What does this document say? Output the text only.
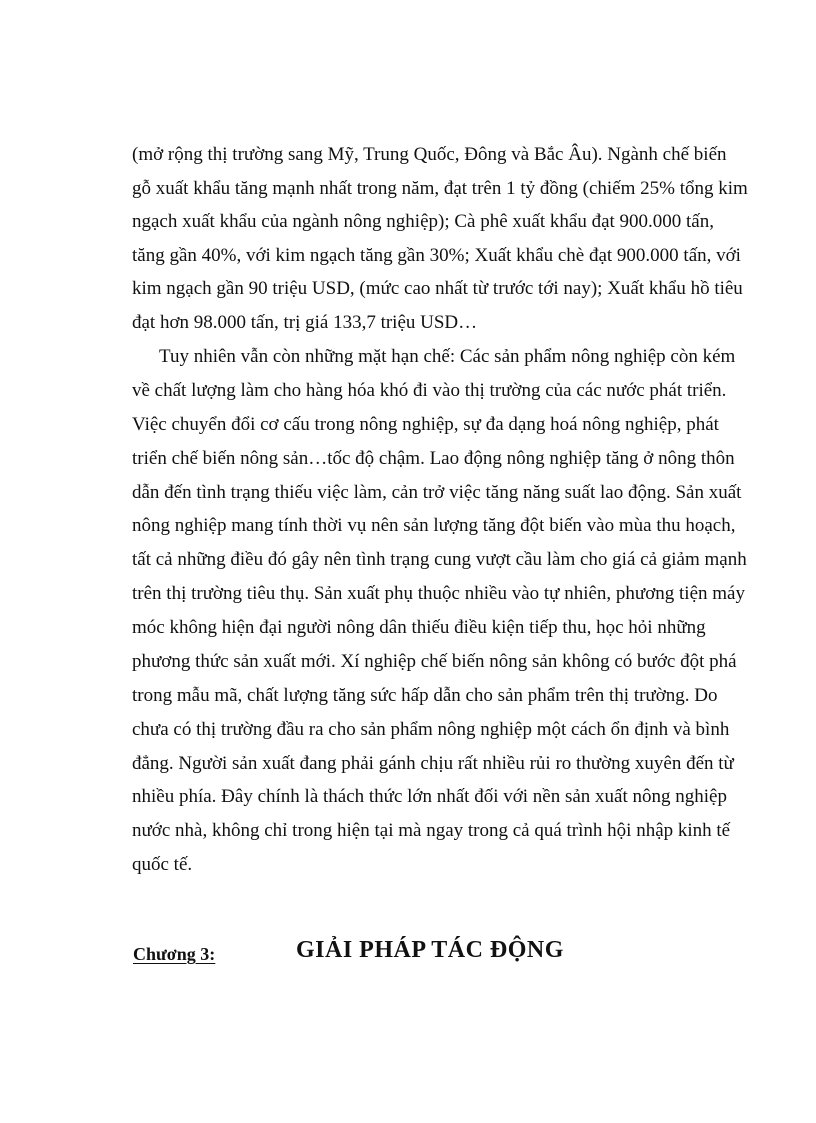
(mở rộng thị trường sang Mỹ, Trung Quốc, Đông và Bắc Âu). Ngành chế biến
gỗ xuất khẩu tăng mạnh nhất trong năm, đạt trên 1 tỷ đồng (chiếm 25% tổng kim
ngạch xuất khẩu của ngành nông nghiệp); Cà phê xuất khẩu đạt 900.000 tấn,
tăng gần 40%, với kim ngạch tăng gần 30%; Xuất khẩu chè đạt 900.000 tấn, với
kim ngạch gần 90 triệu USD, (mức cao nhất từ trước tới nay); Xuất khẩu hồ tiêu
đạt hơn 98.000 tấn, trị giá 133,7 triệu USD…
Tuy nhiên vẫn còn những mặt hạn chế: Các sản phẩm nông nghiệp còn kém
về chất lượng làm cho hàng hóa khó đi vào thị trường của các nước phát triển.
Việc chuyển đổi cơ cấu trong nông nghiệp, sự đa dạng hoá nông nghiệp, phát
triển chế biến nông sản…tốc độ chậm. Lao động nông nghiệp tăng ở nông thôn
dẫn đến tình trạng thiếu việc làm, cản trở việc tăng năng suất lao động. Sản xuất
nông nghiệp mang tính thời vụ nên sản lượng tăng đột biến vào mùa thu hoạch,
tất cả những điều đó gây nên tình trạng cung vượt cầu làm cho giá cả giảm mạnh
trên thị trường tiêu thụ. Sản xuất phụ thuộc nhiều vào tự nhiên, phương tiện máy
móc không hiện đại người nông dân thiếu điều kiện tiếp thu, học hỏi những
phương thức sản xuất mới. Xí nghiệp chế biến nông sản không có bước đột phá
trong mẫu mã, chất lượng tăng sức hấp dẫn cho sản phẩm trên thị trường. Do
chưa có thị trường đầu ra cho sản phẩm nông nghiệp một cách ổn định và bình
đẳng. Người sản xuất đang phải gánh chịu rất nhiều rủi ro thường xuyên đến từ
nhiều phía. Đây chính là thách thức lớn nhất đối với nền sản xuất nông nghiệp
nước nhà, không chỉ trong hiện tại mà ngay trong cả quá trình hội nhập kinh tế
quốc tế.
Chương 3:	GIẢI PHÁP TÁC ĐỘNG
